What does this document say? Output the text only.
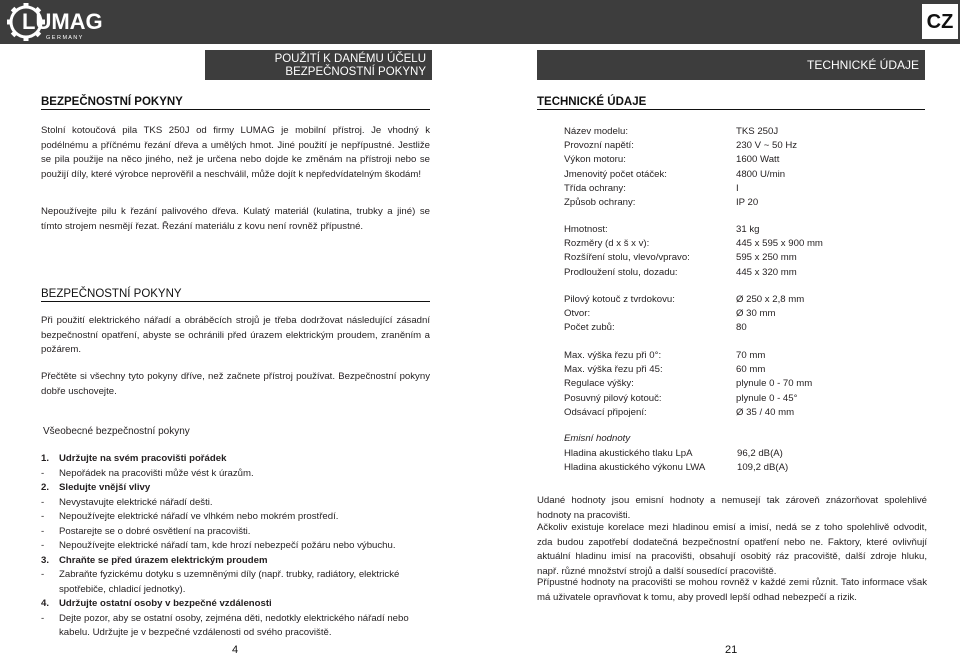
LUMAG
G E R M A N Y
CZ
POUŽITÍ K DANÉMU ÚČELU
BEZPEČNOSTNÍ POKYNY	TECHNICKÉ ÚDAJE
BEZPEČNOSTNÍ POKYNY
Stolní kotoučová pila TKS 250J od firmy LUMAG je mobilní přístroj. Je vhodný k podélnému a příčnému řezání dřeva a umělých hmot. Jiné použití je nepřípustné. Jestliže se pila použije na něco jiného, než je určena nebo dojde ke změnám na přístroji nebo se použijí díly, které výrobce neprověřil a neschválil, může dojít k nepředvídatelným škodám!
Nepoužívejte pilu k řezání palivového dřeva. Kulatý materiál (kulatina, trubky a jiné) se tímto strojem nesmějí řezat. Řezání materiálu z kovu není rovněž přípustné.
BEZPEČNOSTNÍ POKYNY
Při použití elektrického nářadí a obráběcích strojů je třeba dodržovat následující zásadní bezpečnostní opatření, abyste se ochránili před úrazem elektrickým proudem, zraněním a požárem.
Přečtěte si všechny tyto pokyny dříve, než začnete přístroj používat. Bezpečnostní pokyny dobře uschovejte.
Všeobecné bezpečnostní pokyny
1. Udržujte na svém pracovišti pořádek
- Nepořádek na pracovišti může vést k úrazům.
2. Sledujte vnější vlivy
- Nevystavujte elektrické nářadí dešti.
- Nepoužívejte elektrické nářadí ve vlhkém nebo mokrém prostředí.
- Postarejte se o dobré osvětlení na pracovišti.
- Nepoužívejte elektrické nářadí tam, kde hrozí nebezpečí požáru nebo výbuchu.
3. Chraňte se před úrazem elektrickým proudem
- Zabraňte fyzickému dotyku s uzemněnými díly (např. trubky, radiátory, elektrické
spotřebiče, chladicí jednotky).
4. Udržujte ostatní osoby v bezpečné vzdálenosti
- Dejte pozor, aby se ostatní osoby, zejména děti, nedotkly elektrického nářadí nebo
kabelu. Udržujte je v bezpečné vzdálenosti od svého pracoviště.
4
TECHNICKÉ ÚDAJE
Název modelu:	TKS 250J
Provozní napětí:	230 V ~ 50 Hz
Výkon motoru:	1600 Watt
Jmenovitý počet otáček:	4800 U/min
Třída ochrany:	I
Způsob ochrany:	IP 20
Hmotnost:	31 kg
Rozměry (d x š x v):	445 x 595 x 900 mm
Rozšíření stolu, vlevo/vpravo:	595 x 250 mm
Prodloužení stolu, dozadu:	445 x 320 mm
Pilový kotouč z tvrdokovu:	Ø 250 x 2,8 mm
Otvor:	Ø 30 mm
Počet zubů:	80
Max. výška řezu při 0°:	70 mm
Max. výška řezu při 45:	60 mm
Regulace výšky:	plynule 0 - 70 mm
Posuvný pilový kotouč:	plynule 0 - 45°
Odsávací připojení:	Ø 35 / 40 mm
Emisní hodnoty
Hladina akustického tlaku LpA	96,2 dB(A)
Hladina akustického výkonu LWA	109,2 dB(A)
Udané hodnoty jsou emisní hodnoty a nemusejí tak zároveň znázorňovat spolehlivé hodnoty na pracovišti.
Ačkoliv existuje korelace mezi hladinou emisí a imisí, nedá se z toho spolehlivě odvodit, zda budou zapotřebí dodatečná bezpečnostní opatření nebo ne. Faktory, které ovlivňují aktuální hladinu imisí na pracovišti, obsahují osobitý ráz pracoviště, další zdroje hluku, např. různé množství strojů a další sousedící pracoviště.
Přípustné hodnoty na pracovišti se mohou rovněž v každé zemi různit. Tato informace však má uživatele opravňovat k tomu, aby provedl lepší odhad nebezpečí a rizik.
21
